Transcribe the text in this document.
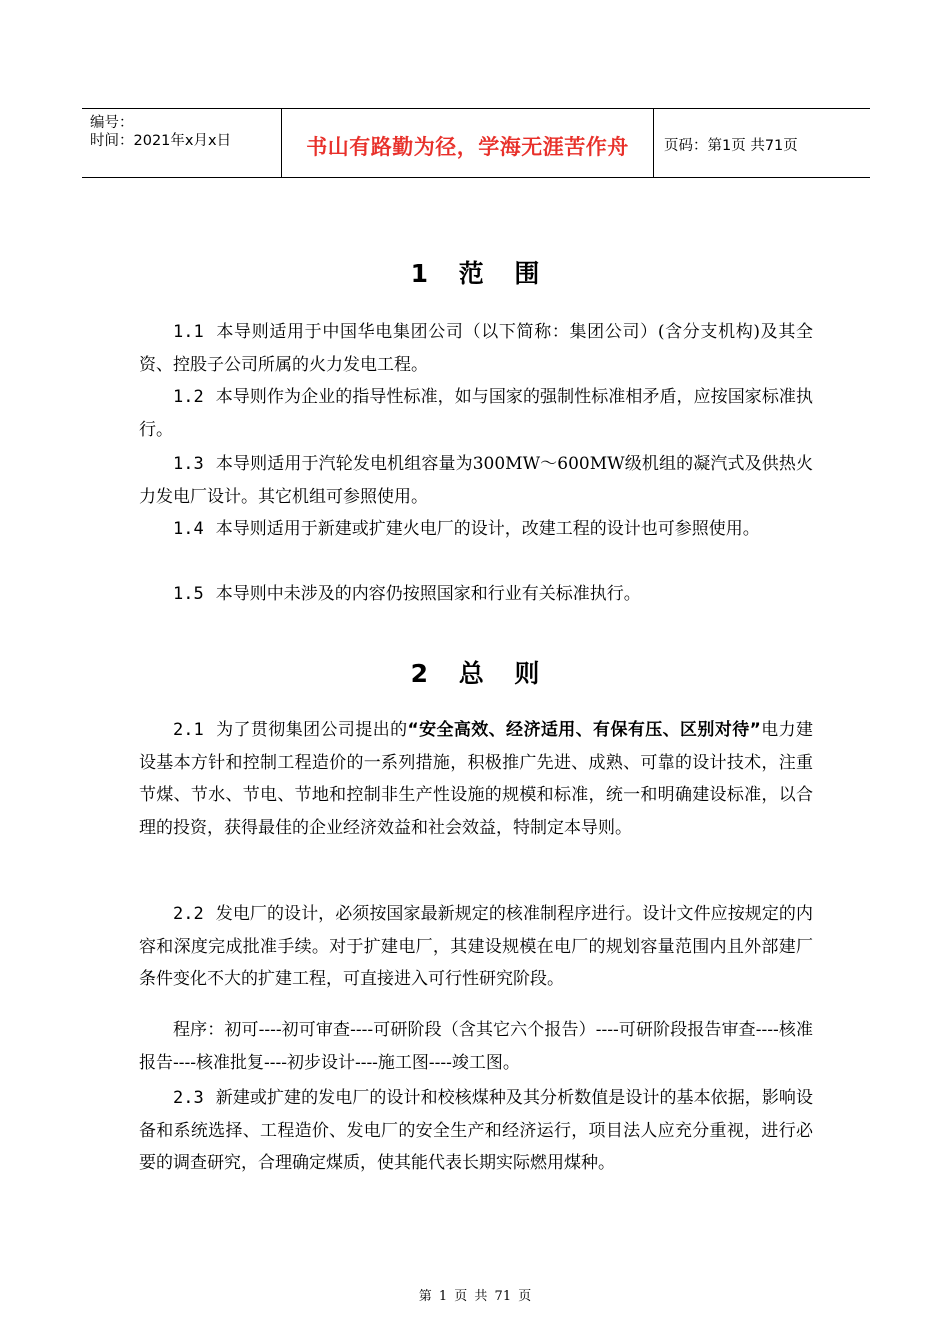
编号：
时间：2021年x月x日	书山有路勤为径，学海无涯苦作舟	页码：第1页 共71页
1 范 围

1.1 本导则适用于中国华电集团公司（以下简称：集团公司）(含分支机构)及其全资、控股子公司所属的火力发电工程。

1.2 本导则作为企业的指导性标准，如与国家的强制性标准相矛盾，应按国家标准执行。

1.3 本导则适用于汽轮发电机组容量为300MW～600MW级机组的凝汽式及供热火力发电厂设计。其它机组可参照使用。

1.4 本导则适用于新建或扩建火电厂的设计，改建工程的设计也可参照使用。

1.5 本导则中未涉及的内容仍按照国家和行业有关标准执行。

2 总 则

2.1 为了贯彻集团公司提出的“安全高效、经济适用、有保有压、区别对待”电力建设基本方针和控制工程造价的一系列措施，积极推广先进、成熟、可靠的设计技术，注重节煤、节水、节电、节地和控制非生产性设施的规模和标准，统一和明确建设标准，以合理的投资，获得最佳的企业经济效益和社会效益，特制定本导则。

2.2 发电厂的设计，必须按国家最新规定的核准制程序进行。设计文件应按规定的内容和深度完成批准手续。对于扩建电厂，其建设规模在电厂的规划容量范围内且外部建厂条件变化不大的扩建工程，可直接进入可行性研究阶段。

程序：初可----初可审查----可研阶段（含其它六个报告）----可研阶段报告审查----核准报告----核准批复----初步设计----施工图----竣工图。

2.3 新建或扩建的发电厂的设计和校核煤种及其分析数值是设计的基本依据，影响设备和系统选择、工程造价、发电厂的安全生产和经济运行，项目法人应充分重视，进行必要的调查研究，合理确定煤质，使其能代表长期实际燃用煤种。

第 1 页 共 71 页
